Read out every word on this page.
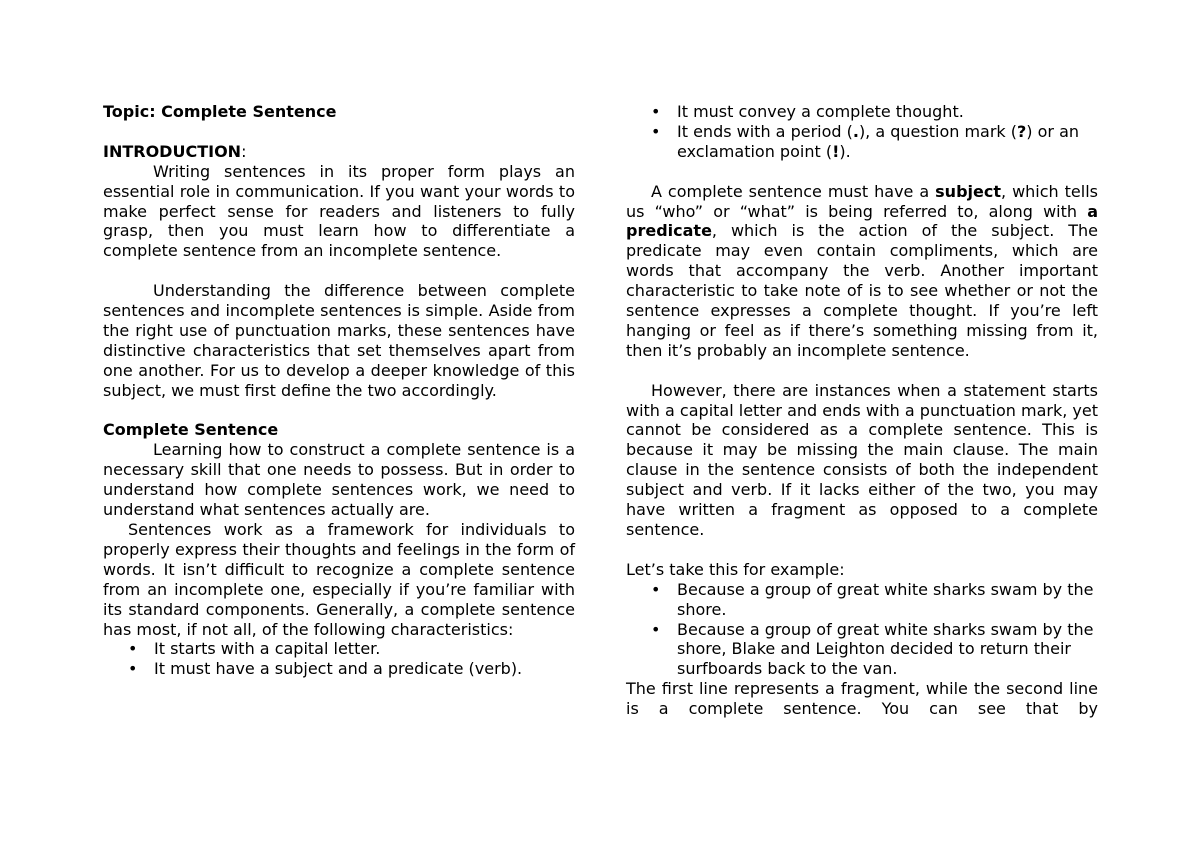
Topic: Complete Sentence

INTRODUCTION:

Writing sentences in its proper form plays an essential role in communication. If you want your words to make perfect sense for readers and listeners to fully grasp, then you must learn how to differentiate a complete sentence from an incomplete sentence.

Understanding the difference between complete sentences and incomplete sentences is simple. Aside from the right use of punctuation marks, these sentences have distinctive characteristics that set themselves apart from one another. For us to develop a deeper knowledge of this subject, we must first define the two accordingly.

Complete Sentence

Learning how to construct a complete sentence is a necessary skill that one needs to possess. But in order to understand how complete sentences work, we need to understand what sentences actually are.

Sentences work as a framework for individuals to properly express their thoughts and feelings in the form of words. It isn’t difficult to recognize a complete sentence from an incomplete one, especially if you’re familiar with its standard components. Generally, a complete sentence has most, if not all, of the following characteristics:

• It starts with a capital letter.
• It must have a subject and a predicate (verb).
• It must convey a complete thought.
• It ends with a period (.), a question mark (?) or an exclamation point (!).

A complete sentence must have a subject, which tells us “who” or “what” is being referred to, along with a predicate, which is the action of the subject. The predicate may even contain compliments, which are words that accompany the verb. Another important characteristic to take note of is to see whether or not the sentence expresses a complete thought. If you’re left hanging or feel as if there’s something missing from it, then it’s probably an incomplete sentence.

However, there are instances when a statement starts with a capital letter and ends with a punctuation mark, yet cannot be considered as a complete sentence. This is because it may be missing the main clause. The main clause in the sentence consists of both the independent subject and verb. If it lacks either of the two, you may have written a fragment as opposed to a complete sentence.

Let’s take this for example:

• Because a group of great white sharks swam by the shore.
• Because a group of great white sharks swam by the shore, Blake and Leighton decided to return their surfboards back to the van.

The first line represents a fragment, while the second line is a complete sentence. You can see that by
